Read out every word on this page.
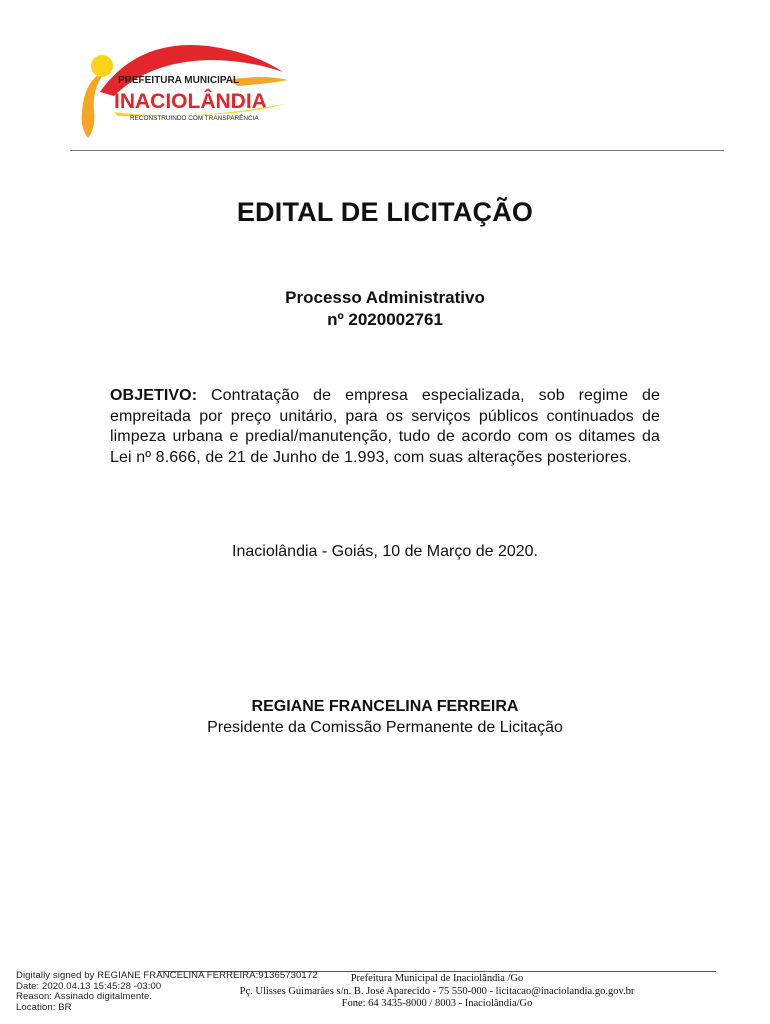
PREFEITURA MUNICIPAL
INACIOLÂNDIA
RECONSTRUINDO COM TRANSPARÊNCIA
EDITAL DE LICITAÇÃO
Processo Administrativo
nº 2020002761
OBJETIVO: Contratação de empresa especializada, sob regime de empreitada por preço unitário, para os serviços públicos continuados de limpeza urbana e predial/manutenção, tudo de acordo com os ditames da Lei nº 8.666, de 21 de Junho de 1.993, com suas alterações posteriores.
Inaciolândia - Goiás, 10 de Março de 2020.
REGIANE FRANCELINA FERREIRA
Presidente da Comissão Permanente de Licitação
Prefeitura Municipal de Inaciolândia /Go
Pç. Ulisses Guimarães s/n. B. José Aparecido - 75 550-000 - licitacao@inaciolandia.go.gov.br
Fone: 64 3435-8000 / 8003 - Inaciolândia/Go
Digitally signed by REGIANE FRANCELINA FERREIRA:91365730172
Date: 2020.04.13 15:45:28 -03:00
Reason: Assinado digitalmente.
Location: BR
